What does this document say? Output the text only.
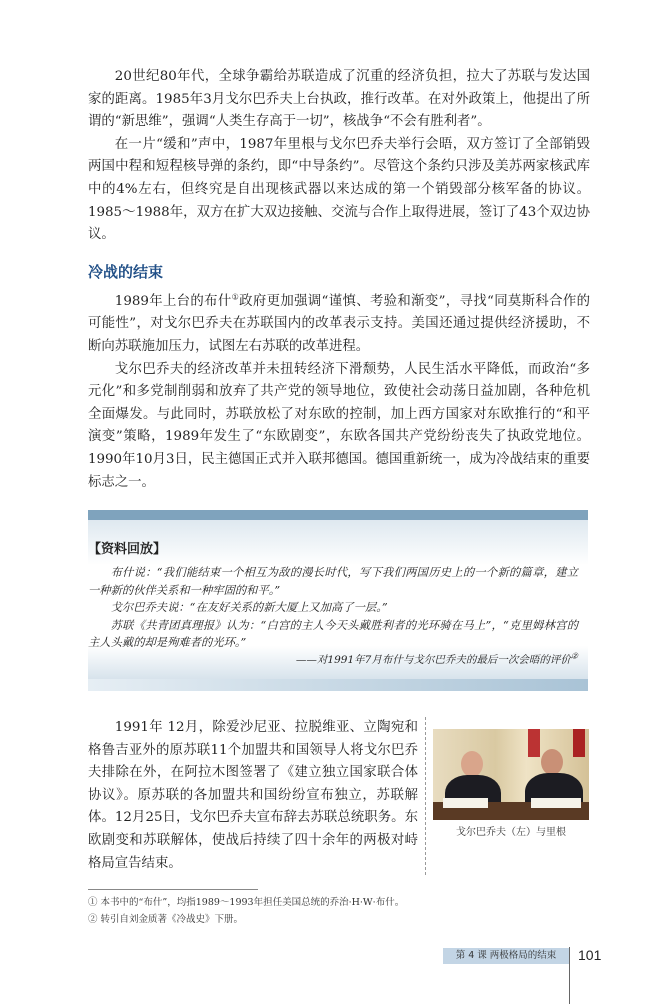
20世纪80年代，全球争霸给苏联造成了沉重的经济负担，拉大了苏联与发达国家的距离。1985年3月戈尔巴乔夫上台执政，推行改革。在对外政策上，他提出了所谓的“新思维”，强调“人类生存高于一切”，核战争“不会有胜利者”。
在一片“缓和”声中，1987年里根与戈尔巴乔夫举行会晤，双方签订了全部销毁两国中程和短程核导弹的条约，即“中导条约”。尽管这个条约只涉及美苏两家核武库中的4%左右，但终究是自出现核武器以来达成的第一个销毁部分核军备的协议。1985～1988年，双方在扩大双边接触、交流与合作上取得进展，签订了43个双边协议。

冷战的结束

1989年上台的布什①政府更加强调“谨慎、考验和渐变”，寻找“同莫斯科合作的可能性”，对戈尔巴乔夫在苏联国内的改革表示支持。美国还通过提供经济援助，不断向苏联施加压力，试图左右苏联的改革进程。
戈尔巴乔夫的经济改革并未扭转经济下滑颓势，人民生活水平降低，而政治“多元化”和多党制削弱和放弃了共产党的领导地位，致使社会动荡日益加剧，各种危机全面爆发。与此同时，苏联放松了对东欧的控制，加上西方国家对东欧推行的“和平演变”策略，1989年发生了“东欧剧变”，东欧各国共产党纷纷丧失了执政党地位。1990年10月3日，民主德国正式并入联邦德国。德国重新统一，成为冷战结束的重要标志之一。

【资料回放】
布什说：“我们能结束一个相互为敌的漫长时代，写下我们两国历史上的一个新的篇章，建立一种新的伙伴关系和一种牢固的和平。”
戈尔巴乔夫说：“在友好关系的新大厦上又加高了一层。”
苏联《共青团真理报》认为：“白宫的主人今天头戴胜利者的光环骑在马上”，“克里姆林宫的主人头戴的却是殉难者的光环。”
——对1991年7月布什与戈尔巴乔夫的最后一次会晤的评价②

1991年 12月，除爱沙尼亚、拉脱维亚、立陶宛和格鲁吉亚外的原苏联11个加盟共和国领导人将戈尔巴乔夫排除在外，在阿拉木图签署了《建立独立国家联合体协议》。原苏联的各加盟共和国纷纷宣布独立，苏联解体。12月25日，戈尔巴乔夫宣布辞去苏联总统职务。东欧剧变和苏联解体，使战后持续了四十余年的两极对峙格局宣告结束。

戈尔巴乔夫（左）与里根
① 本书中的“布什”，均指1989～1993年担任美国总统的乔治·H·W·布什。
② 转引自刘金质著《冷战史》下册。
第 4 课 两极格局的结束	101
